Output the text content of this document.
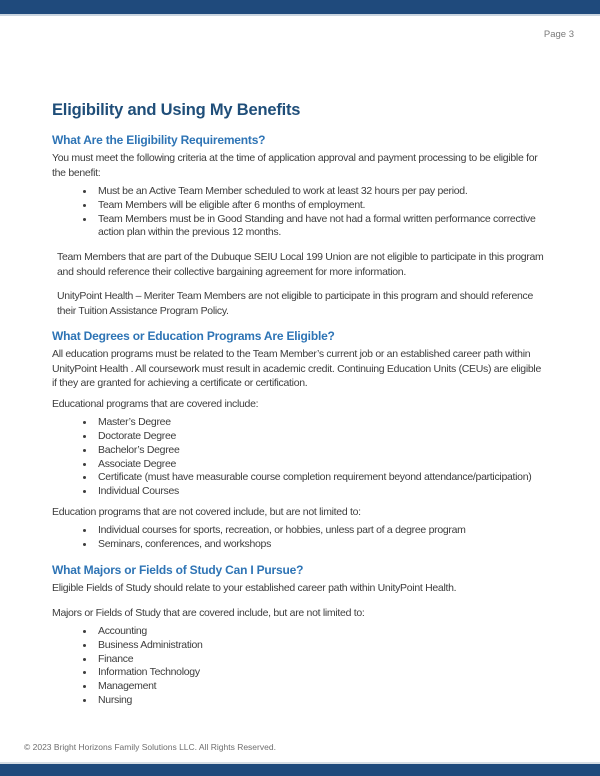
Page 3
Eligibility and Using My Benefits
What Are the Eligibility Requirements?

You must meet the following criteria at the time of application approval and payment processing to be eligible for the benefit:

• Must be an Active Team Member scheduled to work at least 32 hours per pay period.
• Team Members will be eligible after 6 months of employment.
• Team Members must be in Good Standing and have not had a formal written performance corrective action plan within the previous 12 months.

Team Members that are part of the Dubuque SEIU Local 199 Union are not eligible to participate in this program and should reference their collective bargaining agreement for more information.

UnityPoint Health – Meriter Team Members are not eligible to participate in this program and should reference their Tuition Assistance Program Policy.

What Degrees or Education Programs Are Eligible?

All education programs must be related to the Team Member’s current job or an established career path within UnityPoint Health . All coursework must result in academic credit. Continuing Education Units (CEUs) are eligible if they are granted for achieving a certificate or certification.

Educational programs that are covered include:

• Master’s Degree
• Doctorate Degree
• Bachelor’s Degree
• Associate Degree
• Certificate (must have measurable course completion requirement beyond attendance/participation)
• Individual Courses

Education programs that are not covered include, but are not limited to:

• Individual courses for sports, recreation, or hobbies, unless part of a degree program
• Seminars, conferences, and workshops
What Majors or Fields of Study Can I Pursue?

Eligible Fields of Study should relate to your established career path within UnityPoint Health.

Majors or Fields of Study that are covered include, but are not limited to:

• Accounting
• Business Administration
• Finance
• Information Technology
• Management
• Nursing
© 2023 Bright Horizons Family Solutions LLC. All Rights Reserved.
